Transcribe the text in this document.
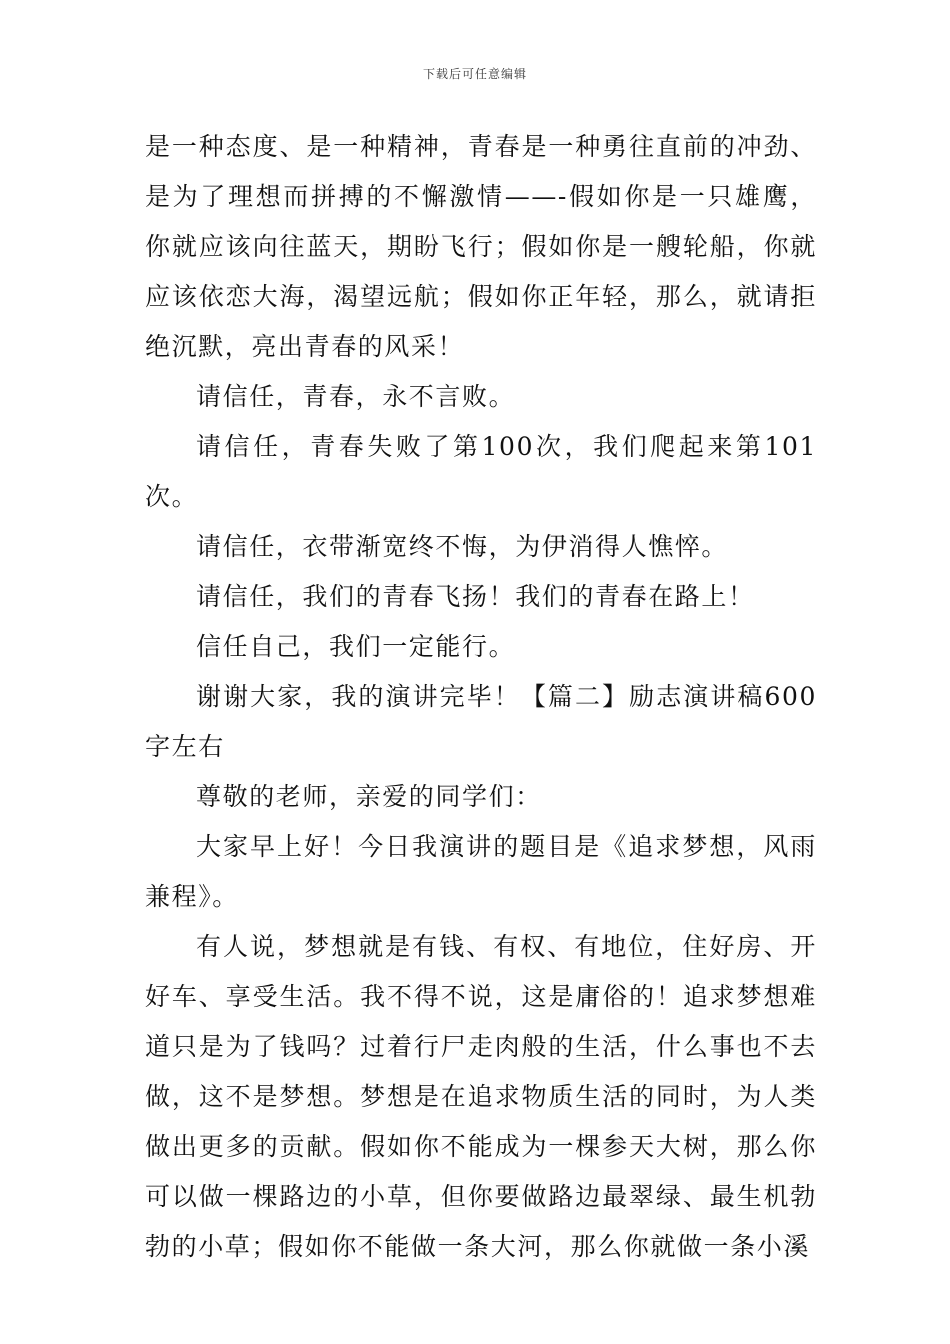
下载后可任意编辑

是一种态度、是一种精神，青春是一种勇往直前的冲劲、是为了理想而拼搏的不懈激情——-假如你是一只雄鹰，你就应该向往蓝天，期盼飞行；假如你是一艘轮船，你就应该依恋大海，渴望远航；假如你正年轻，那么，就请拒绝沉默，亮出青春的风采！

请信任，青春，永不言败。

请信任，青春失败了第100次，我们爬起来第101次。

请信任，衣带渐宽终不悔，为伊消得人憔悴。

请信任，我们的青春飞扬！我们的青春在路上！

信任自己，我们一定能行。

谢谢大家，我的演讲完毕！【篇二】励志演讲稿600字左右

尊敬的老师，亲爱的同学们：

大家早上好！今日我演讲的题目是《追求梦想，风雨兼程》。

有人说，梦想就是有钱、有权、有地位，住好房、开好车、享受生活。我不得不说，这是庸俗的！追求梦想难道只是为了钱吗？过着行尸走肉般的生活，什么事也不去做，这不是梦想。梦想是在追求物质生活的同时，为人类做出更多的贡献。假如你不能成为一棵参天大树，那么你可以做一棵路边的小草，但你要做路边最翠绿、最生机勃勃的小草；假如你不能做一条大河，那么你就做一条小溪
